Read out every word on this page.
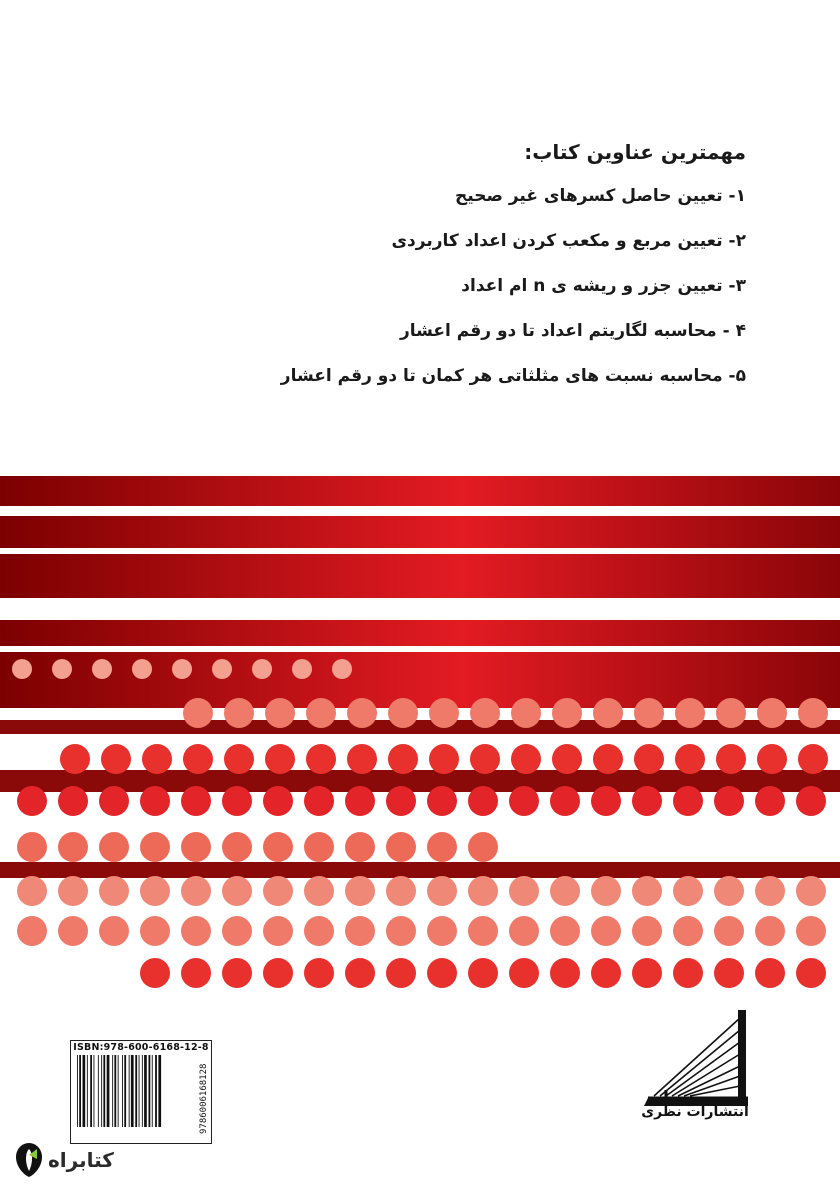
مهمترین عناوین کتاب:
۱- تعیین حاصل کسرهای غیر صحیح
۲- تعیین مربع و مکعب کردن اعداد کاربردی
۳- تعیین جزر و ریشه ی n ام اعداد
۴ - محاسبه لگاریتم اعداد تا دو رقم اعشار
۵- محاسبه نسبت های مثلثاتی هر کمان تا دو رقم اعشار
ISBN:978-600-6168-12-8
9786006168128	انتشارات نظری
کتابراه
